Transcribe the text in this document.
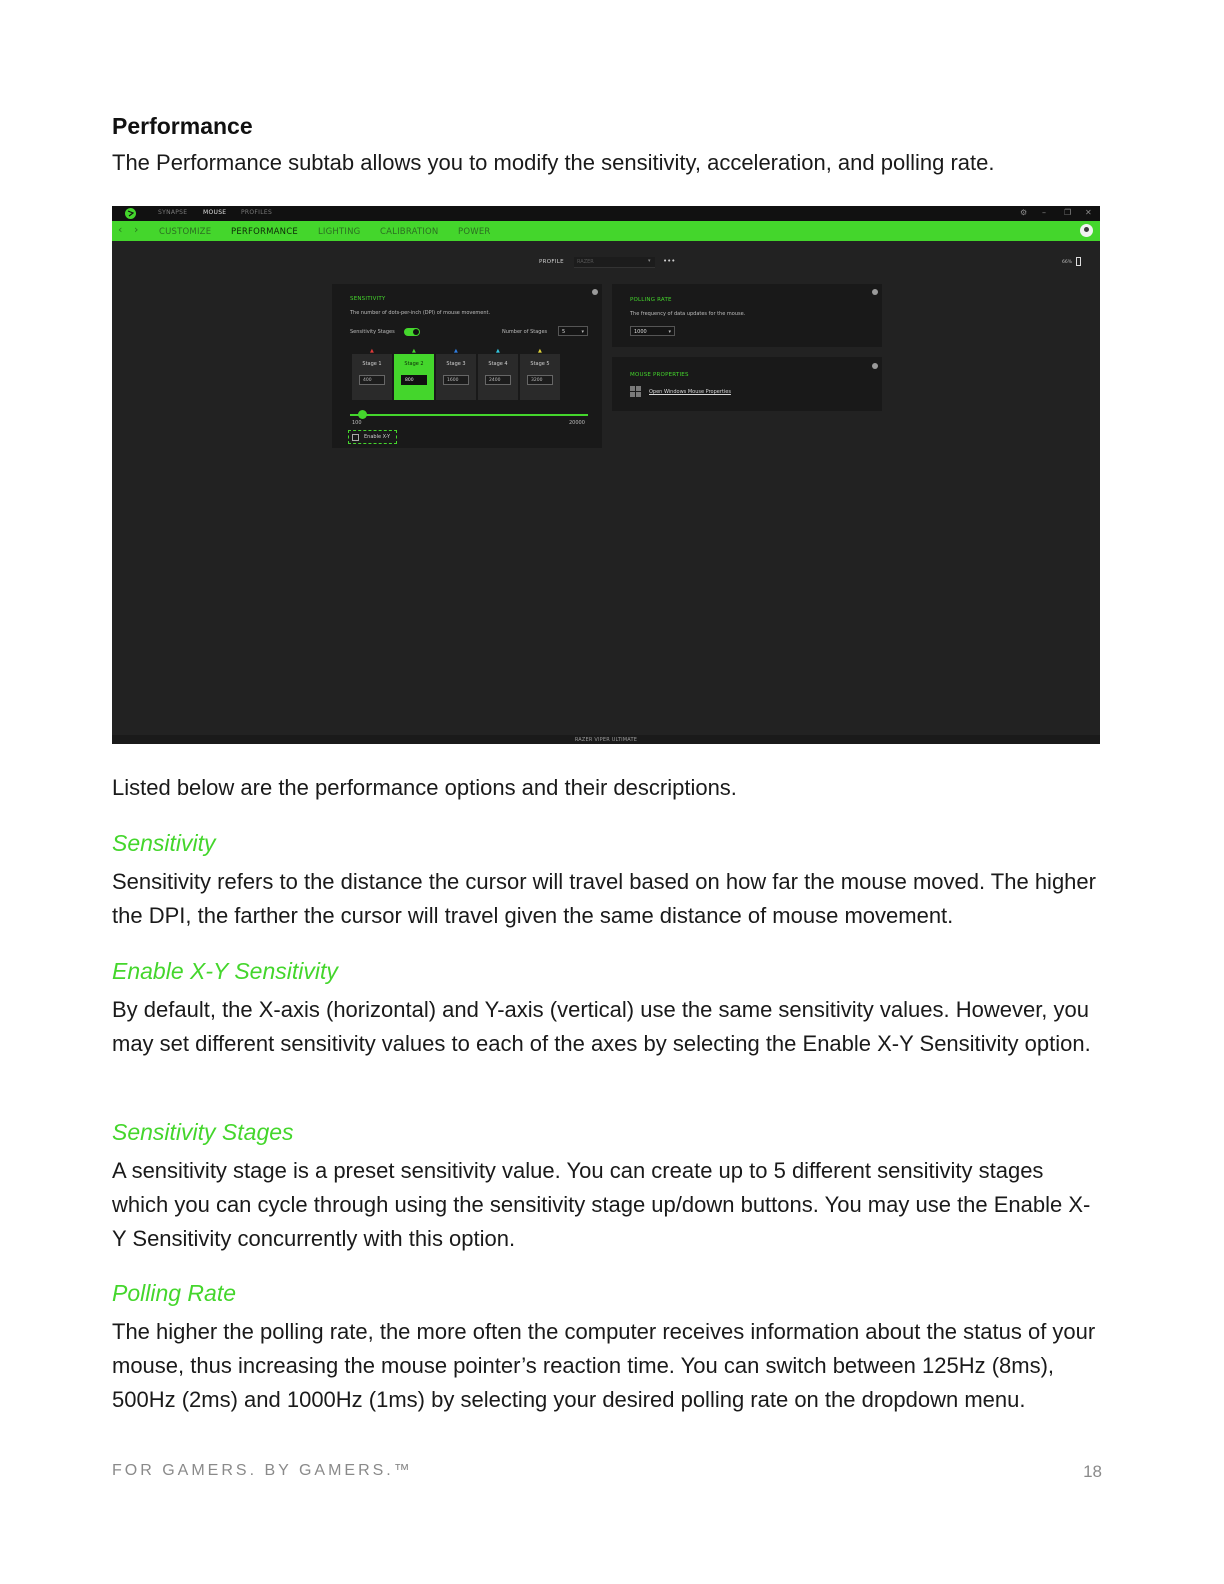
Performance

The Performance subtab allows you to modify the sensitivity, acceleration, and polling rate.

SYNAPSE	MOUSE PROFILES	⚙ – ❐ ✕
‹ › CUSTOMIZE PERFORMANCE LIGHTING CALIBRATION POWER
PROFILE	RAZER	▾ •••	66%
SENSITIVITY
The number of dots-per-inch (DPI) of mouse movement.
Sensitivity Stages	Number of Stages	5	▾
▲	▲	▲	▲	▲
Stage 1
400
Stage 2
800
Stage 3
1600
Stage 4
2400
Stage 5
3200
100	20000
Enable X-Y
POLLING RATE
The frequency of data updates for the mouse.
1000	▾
MOUSE PROPERTIES
Open Windows Mouse Properties
RAZER VIPER ULTIMATE

Listed below are the performance options and their descriptions.

Sensitivity

Sensitivity refers to the distance the cursor will travel based on how far the mouse moved. The higher the DPI, the farther the cursor will travel given the same distance of mouse movement.

Enable X-Y Sensitivity

By default, the X-axis (horizontal) and Y-axis (vertical) use the same sensitivity values. However, you may set different sensitivity values to each of the axes by selecting the Enable X-Y Sensitivity option.

Sensitivity Stages

A sensitivity stage is a preset sensitivity value. You can create up to 5 different sensitivity stages which you can cycle through using the sensitivity stage up/down buttons. You may use the Enable X-Y Sensitivity concurrently with this option.

Polling Rate

The higher the polling rate, the more often the computer receives information about the status of your mouse, thus increasing the mouse pointer’s reaction time. You can switch between 125Hz (8ms), 500Hz (2ms) and 1000Hz (1ms) by selecting your desired polling rate on the dropdown menu.

FOR GAMERS. BY GAMERS.™	18
